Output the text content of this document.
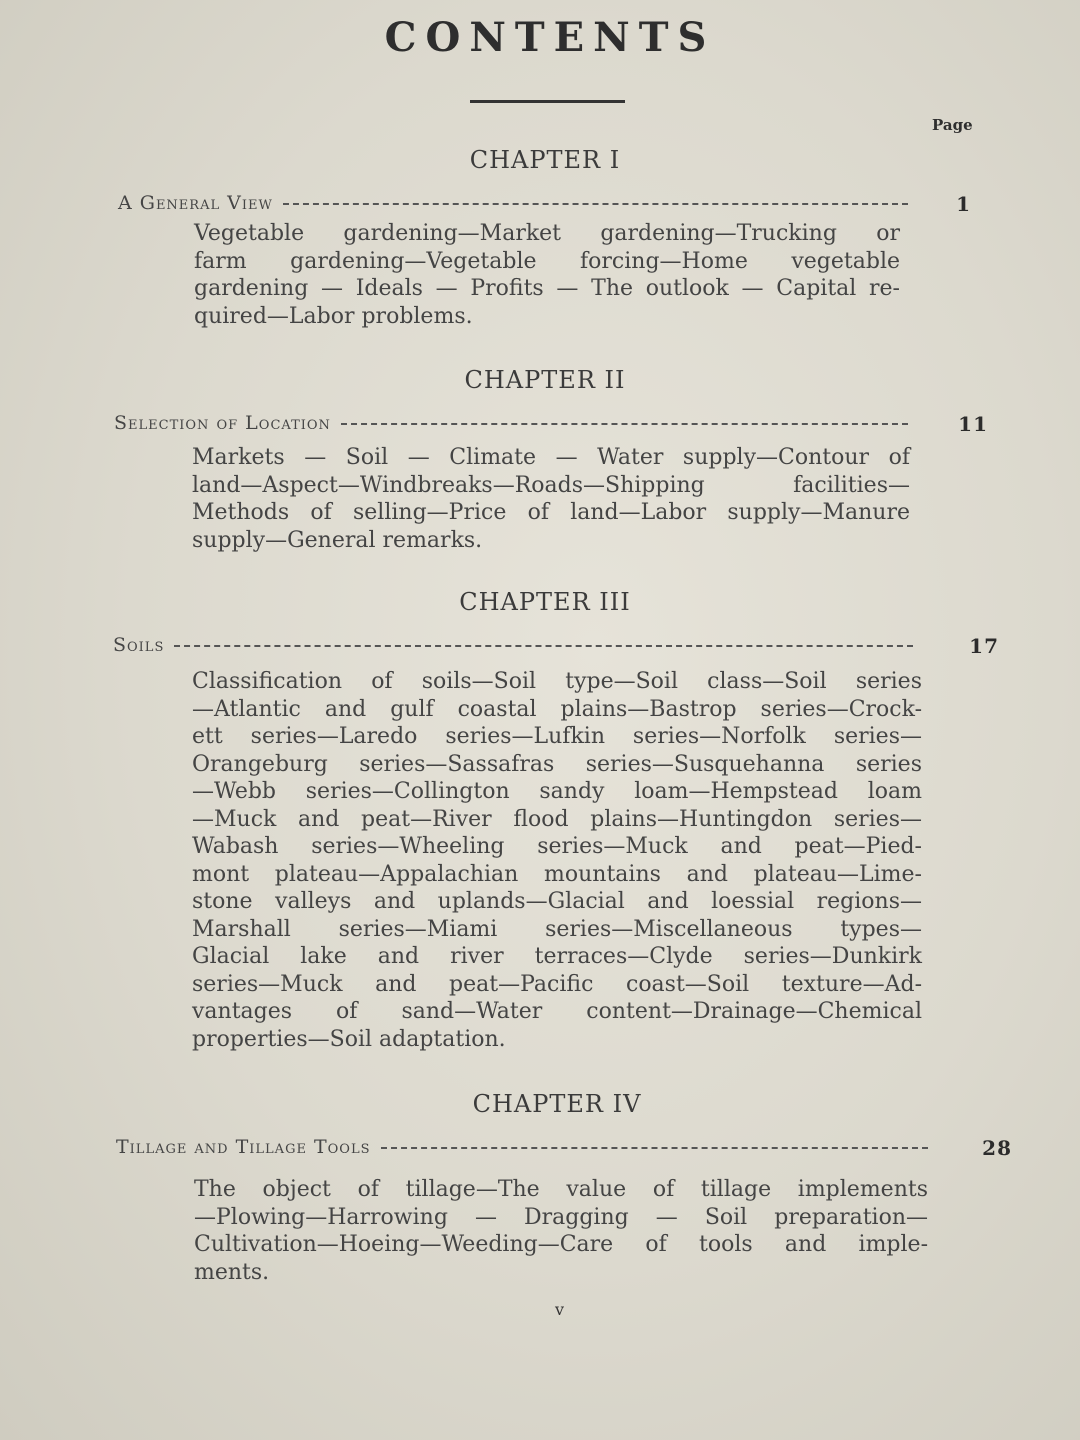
CONTENTS
Page
CHAPTER I
A General View	1
Vegetable gardening—Market gardening—Trucking or
farm gardening—Vegetable forcing—Home vegetable
gardening — Ideals — Profits — The outlook — Capital re-
quired—Labor problems.
CHAPTER II
Selection of Location	11
Markets — Soil — Climate — Water supply—Contour of
land—Aspect—Windbreaks—Roads—Shipping facilities—
Methods of selling—Price of land—Labor supply—Manure
supply—General remarks.
CHAPTER III
Soils	17
Classification of soils—Soil type—Soil class—Soil series
—Atlantic and gulf coastal plains—Bastrop series—Crock-
ett series—Laredo series—Lufkin series—Norfolk series—
Orangeburg series—Sassafras series—Susquehanna series
—Webb series—Collington sandy loam—Hempstead loam
—Muck and peat—River flood plains—Huntingdon series—
Wabash series—Wheeling series—Muck and peat—Pied-
mont plateau—Appalachian mountains and plateau—Lime-
stone valleys and uplands—Glacial and loessial regions—
Marshall series—Miami series—Miscellaneous types—
Glacial lake and river terraces—Clyde series—Dunkirk
series—Muck and peat—Pacific coast—Soil texture—Ad-
vantages of sand—Water content—Drainage—Chemical
properties—Soil adaptation.
CHAPTER IV
Tillage and Tillage Tools	28
The object of tillage—The value of tillage implements
—Plowing—Harrowing — Dragging — Soil preparation—
Cultivation—Hoeing—Weeding—Care of tools and imple-
ments.
v
